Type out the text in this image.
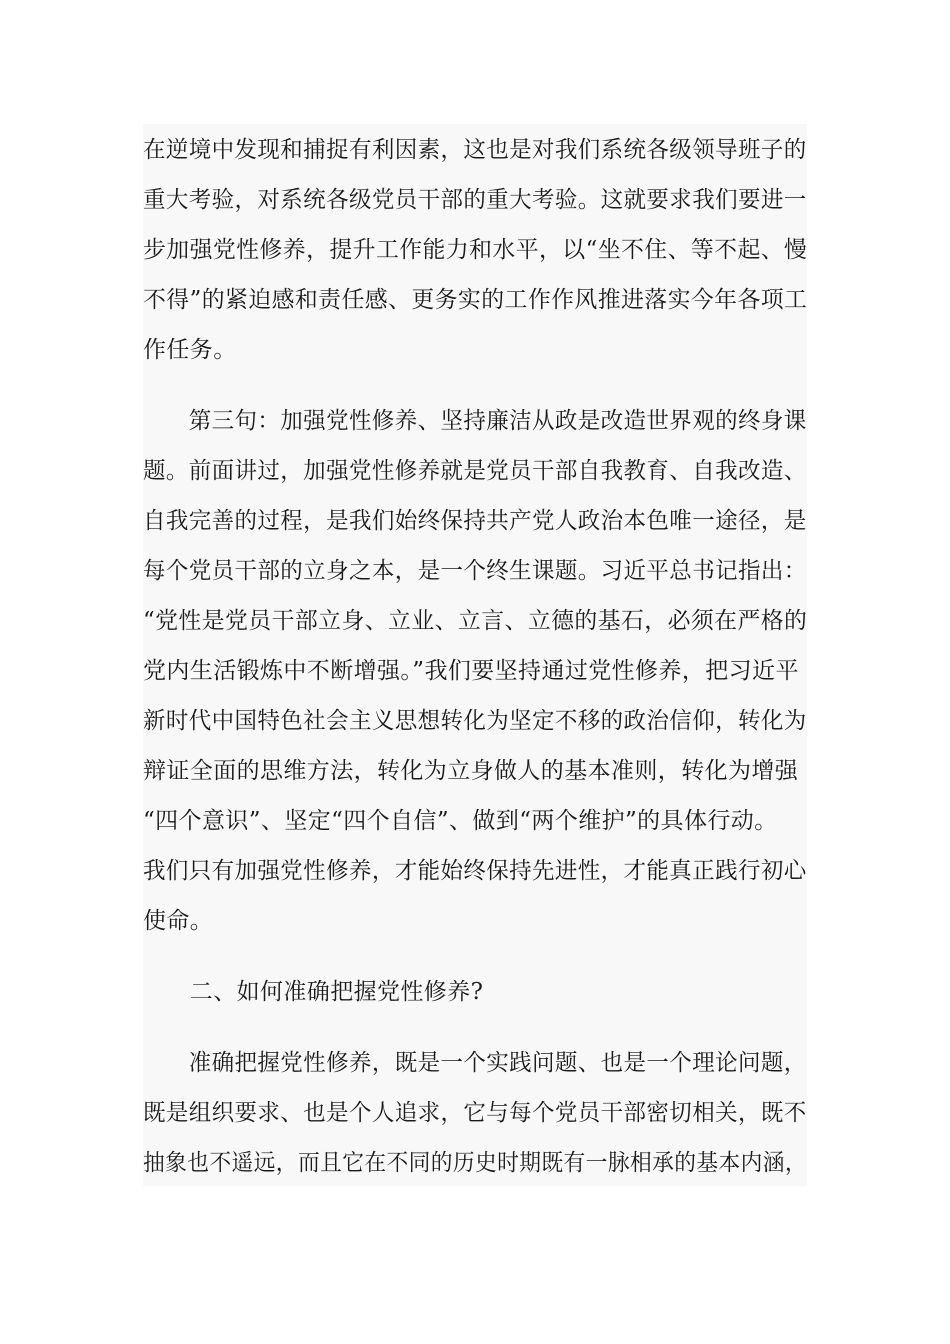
在逆境中发现和捕捉有利因素，这也是对我们系统各级领导班子的
重大考验，对系统各级党员干部的重大考验。这就要求我们要进一
步加强党性修养，提升工作能力和水平，以“坐不住、等不起、慢
不得”的紧迫感和责任感、更务实的工作作风推进落实今年各项工
作任务。
　　第三句：加强党性修养、坚持廉洁从政是改造世界观的终身课
题。前面讲过，加强党性修养就是党员干部自我教育、自我改造、
自我完善的过程，是我们始终保持共产党人政治本色唯一途径，是
每个党员干部的立身之本，是一个终生课题。习近平总书记指出：
“党性是党员干部立身、立业、立言、立德的基石，必须在严格的
党内生活锻炼中不断增强。”我们要坚持通过党性修养，把习近平
新时代中国特色社会主义思想转化为坚定不移的政治信仰，转化为
辩证全面的思维方法，转化为立身做人的基本准则，转化为增强
“四个意识”、坚定“四个自信”、做到“两个维护”的具体行动。
我们只有加强党性修养，才能始终保持先进性，才能真正践行初心
使命。
　　二、如何准确把握党性修养?
　　准确把握党性修养，既是一个实践问题、也是一个理论问题，
既是组织要求、也是个人追求，它与每个党员干部密切相关，既不
抽象也不遥远，而且它在不同的历史时期既有一脉相承的基本内涵，
